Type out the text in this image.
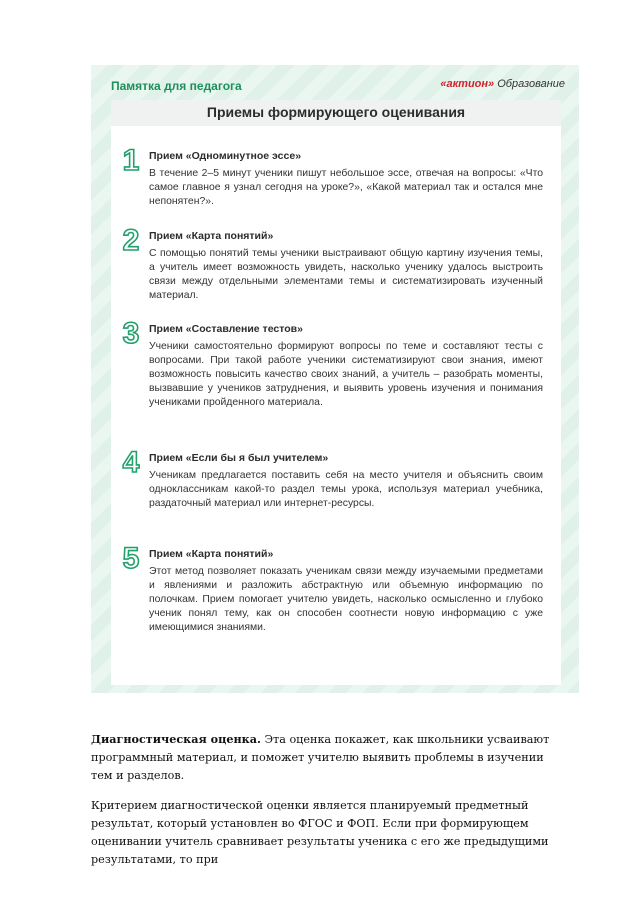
Памятка для педагога	«актион» Образование
Приемы формирующего оценивания
1 Прием «Одноминутное эссе»
В течение 2–5 минут ученики пишут небольшое эссе, отвечая на вопросы: «Что самое главное я узнал сегодня на уроке?», «Какой материал так и остался мне непонятен?».
2 Прием «Карта понятий»
С помощью понятий темы ученики выстраивают общую картину изучения темы, а учитель имеет возможность увидеть, насколько ученику удалось выстроить связи между отдельными элементами темы и систематизировать изученный материал.
3 Прием «Составление тестов»
Ученики самостоятельно формируют вопросы по теме и составляют тесты с вопросами. При такой работе ученики систематизируют свои знания, имеют возможность повысить качество своих знаний, а учитель – разобрать моменты, вызвавшие у учеников затруднения, и выявить уровень изучения и понимания учениками пройденного материала.
4 Прием «Если бы я был учителем»
Ученикам предлагается поставить себя на место учителя и объяснить своим одноклассникам какой-то раздел темы урока, используя материал учебника, раздаточный материал или интернет-ресурсы.
5 Прием «Карта понятий»
Этот метод позволяет показать ученикам связи между изучаемыми предметами и явлениями и разложить абстрактную или объемную информацию по полочкам. Прием помогает учителю увидеть, насколько осмысленно и глубоко ученик понял тему, как он способен соотнести новую информацию с уже имеющимися знаниями.
Диагностическая оценка. Эта оценка покажет, как школьники усваивают программный материал, и поможет учителю выявить проблемы в изучении тем и разделов.
Критерием диагностической оценки является планируемый предметный результат, который установлен во ФГОС и ФОП. Если при формирующем оценивании учитель сравнивает результаты ученика с его же предыдущими результатами, то при
